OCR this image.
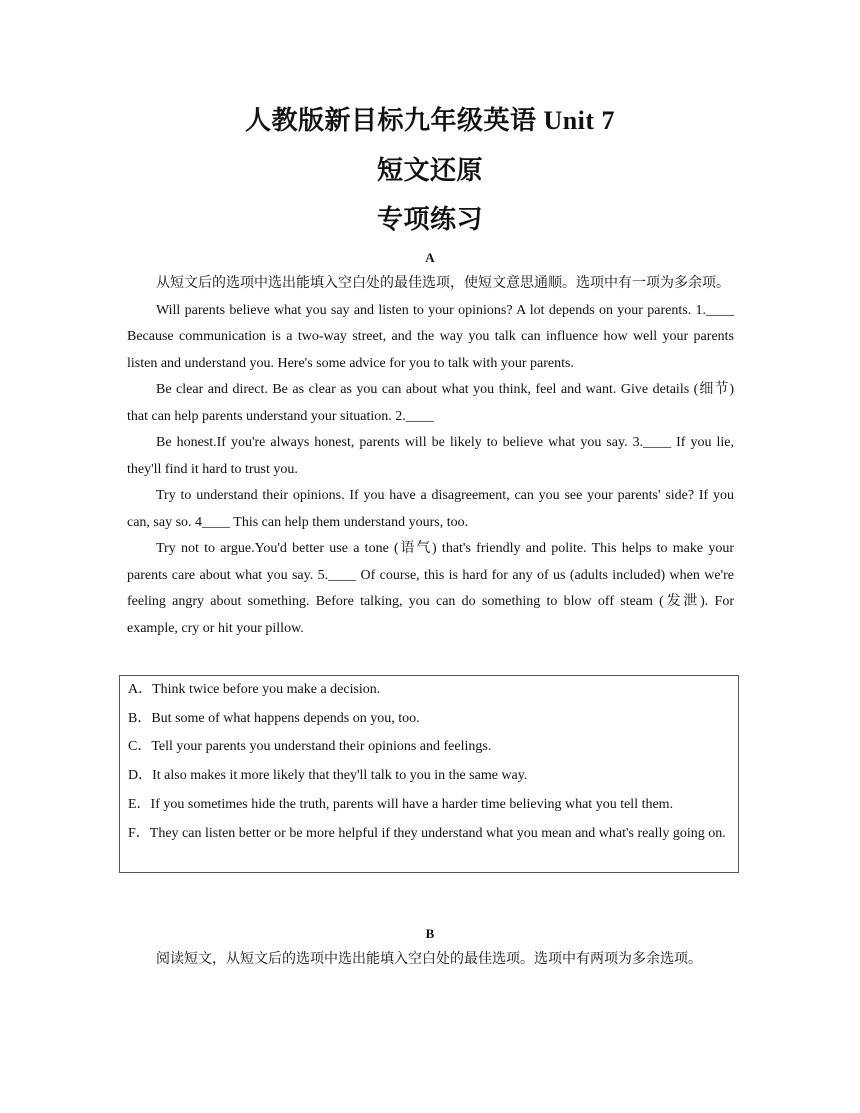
人教版新目标九年级英语 Unit 7
短文还原
专项练习
A

从短文后的选项中选出能填入空白处的最佳选项，使短文意思通顺。选项中有一项为多余项。

Will parents believe what you say and listen to your opinions? A lot depends on your parents. 1.____ Because communication is a two-way street, and the way you talk can influence how well your parents listen and understand you. Here's some advice for you to talk with your parents.

Be clear and direct. Be as clear as you can about what you think, feel and want. Give details (细节) that can help parents understand your situation. 2.____

Be honest.If you're always honest, parents will be likely to believe what you say. 3.____ If you lie, they'll find it hard to trust you.

Try to understand their opinions. If you have a disagreement, can you see your parents' side? If you can, say so. 4____ This can help them understand yours, too.

Try not to argue.You'd better use a tone (语气) that's friendly and polite. This helps to make your parents care about what you say. 5.____ Of course, this is hard for any of us (adults included) when we're feeling angry about something. Before talking, you can do something to blow off steam (发泄). For example, cry or hit your pillow.

A．Think twice before you make a decision.
B．But some of what happens depends on you, too.
C．Tell your parents you understand their opinions and feelings.
D．It also makes it more likely that they'll talk to you in the same way.
E．If you sometimes hide the truth, parents will have a harder time believing what you tell them.
F．They can listen better or be more helpful if they understand what you mean and what's really going on.
B
阅读短文，从短文后的选项中选出能填入空白处的最佳选项。选项中有两项为多余选项。
